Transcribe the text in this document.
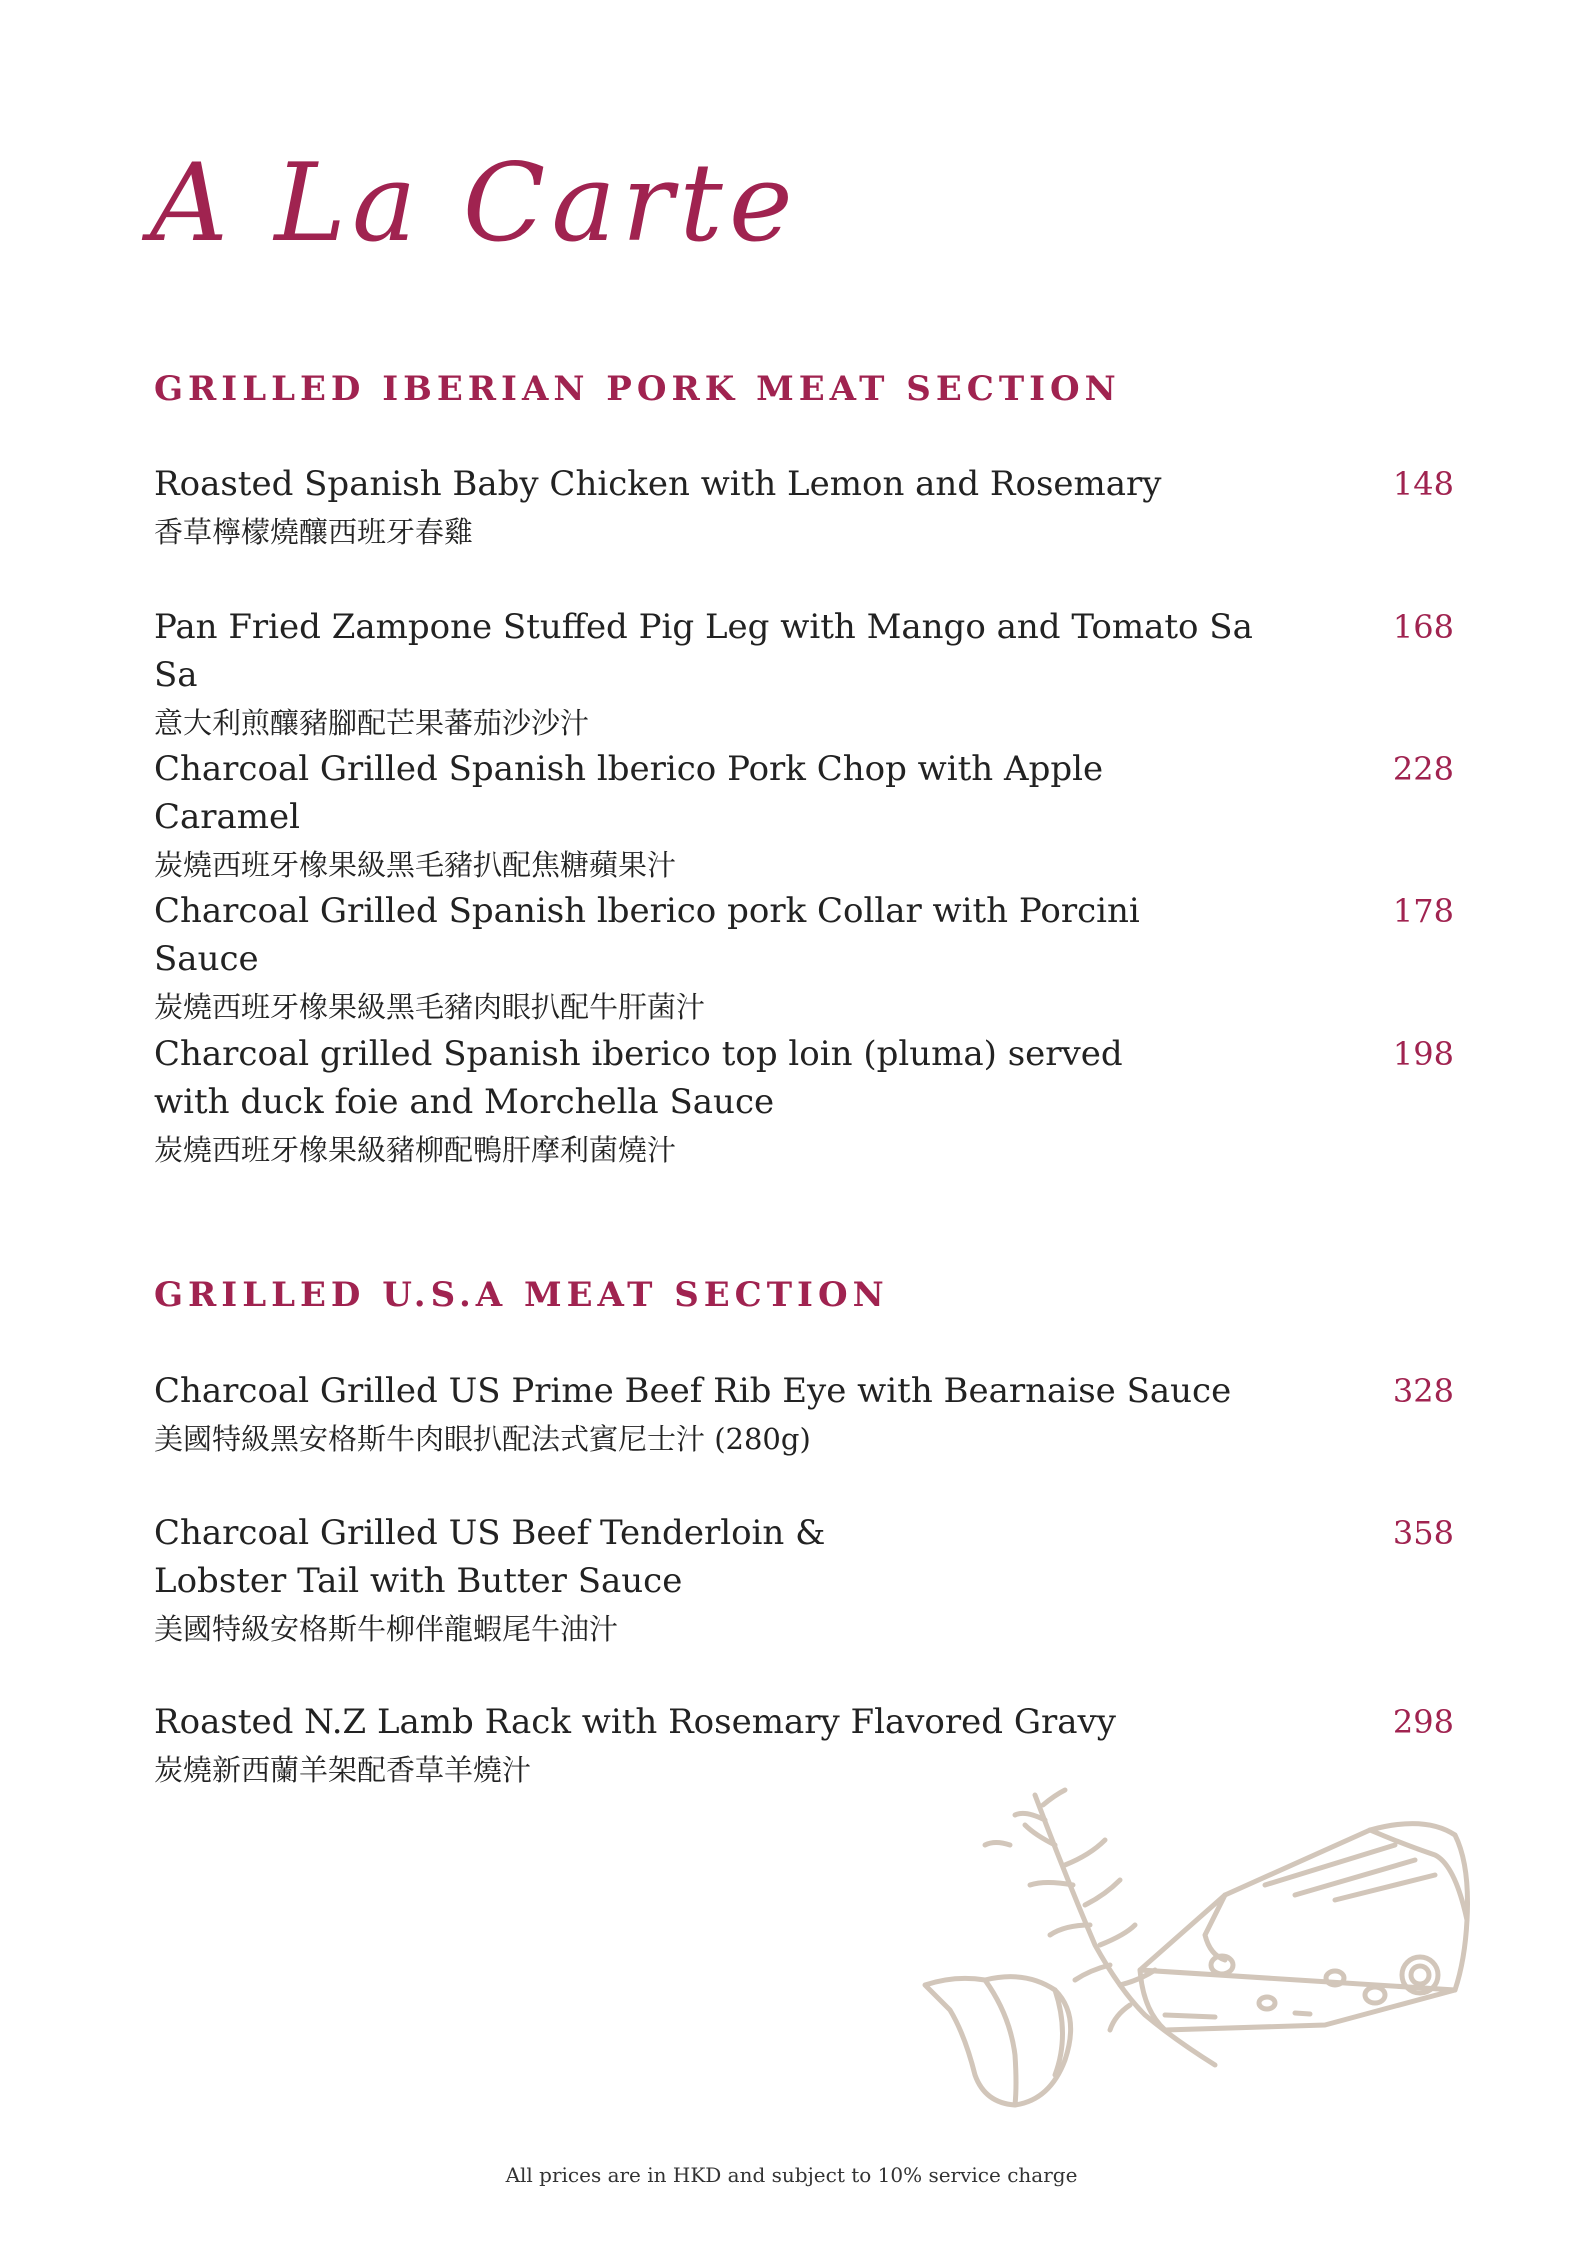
A La Carte
GRILLED IBERIAN PORK MEAT SECTION
Roasted Spanish Baby Chicken with Lemon and Rosemary
香草檸檬燒釀西班牙春雞
148
Pan Fried Zampone Stuffed Pig Leg with Mango and Tomato Sa Sa
意大利煎釀豬腳配芒果蕃茄沙沙汁
168
Charcoal Grilled Spanish lberico Pork Chop with Apple Caramel
炭燒西班牙橡果級黑毛豬扒配焦糖蘋果汁
228
Charcoal Grilled Spanish lberico pork Collar with Porcini Sauce
炭燒西班牙橡果級黑毛豬肉眼扒配牛肝菌汁
178
Charcoal grilled Spanish iberico top loin (pluma) served
with duck foie and Morchella Sauce
炭燒西班牙橡果級豬柳配鴨肝摩利菌燒汁
198
GRILLED U.S.A MEAT SECTION
Charcoal Grilled US Prime Beef Rib Eye with Bearnaise Sauce
美國特級黑安格斯牛肉眼扒配法式賓尼士汁 (280g)
328
Charcoal Grilled US Beef Tenderloin &
Lobster Tail with Butter Sauce
美國特級安格斯牛柳伴龍蝦尾牛油汁
358
Roasted N.Z Lamb Rack with Rosemary Flavored Gravy
炭燒新西蘭羊架配香草羊燒汁
298
All prices are in HKD and subject to 10% service charge
